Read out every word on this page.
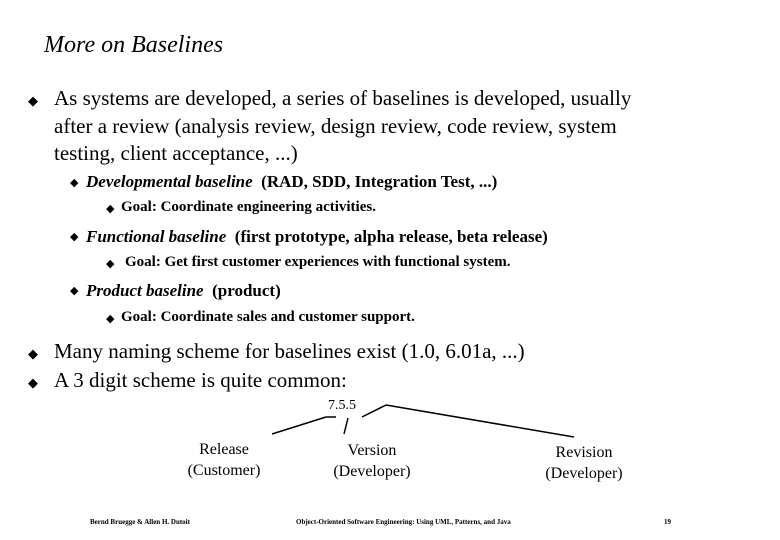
More on Baselines
◆ As systems are developed, a series of baselines is developed, usually
after a review (analysis review, design review, code review, system
testing, client acceptance, ...)
◆ Developmental baseline (RAD, SDD, Integration Test, ...)
◆ Goal: Coordinate engineering activities.
◆ Functional baseline (first prototype, alpha release, beta release)
◆ Goal: Get first customer experiences with functional system.
◆ Product baseline (product)
◆ Goal: Coordinate sales and customer support.
◆ Many naming scheme for baselines exist (1.0, 6.01a, ...)
◆ A 3 digit scheme is quite common:
7.5.5
Release
(Customer)
Version
(Developer)
Revision
(Developer)
Bernd Bruegge & Allen H. Dutoit	Object-Oriented Software Engineering: Using UML, Patterns, and Java	19
